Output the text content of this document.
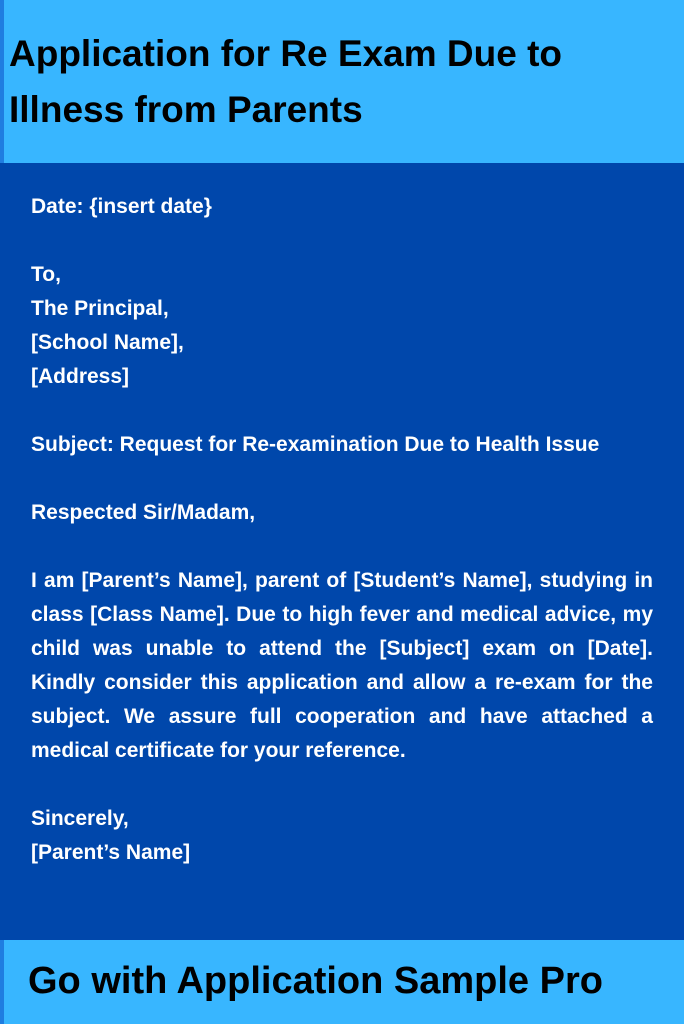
Application for Re Exam Due to Illness from Parents
Date: {insert date}
To,
The Principal,
[School Name],
[Address]
Subject: Request for Re-examination Due to Health Issue
Respected Sir/Madam,
I am [Parent’s Name], parent of [Student’s Name], studying in class [Class Name]. Due to high fever and medical advice, my child was unable to attend the [Subject] exam on [Date]. Kindly consider this application and allow a re-exam for the subject. We assure full cooperation and have attached a medical certificate for your reference.
Sincerely,
[Parent’s Name]

Go with Application Sample Pro
